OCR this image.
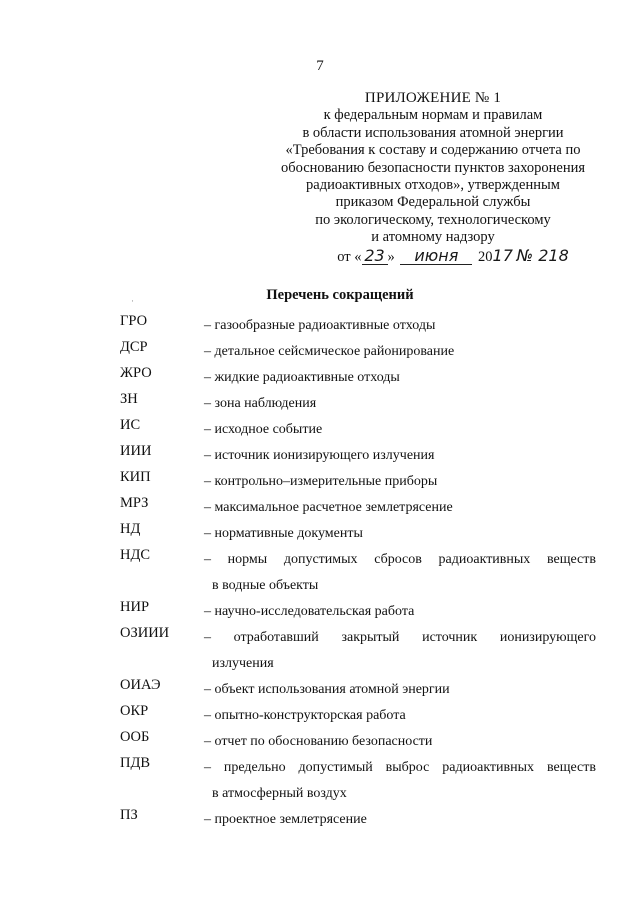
7
ПРИЛОЖЕНИЕ № 1
к федеральным нормам и правилам
в области использования атомной энергии
«Требования к составу и содержанию отчета по
обоснованию безопасности пунктов захоронения
радиоактивных отходов», утвержденным
приказом Федеральной службы
по экологическому, технологическому
и атомному надзору
от « 23 » июня 2017 № 218
·	Перечень сокращений
ГРО	– газообразные радиоактивные отходы
ДСР	– детальное сейсмическое районирование
ЖРО	– жидкие радиоактивные отходы
ЗН	– зона наблюдения
ИС	– исходное событие
ИИИ	– источник ионизирующего излучения
КИП	– контрольно–измерительные приборы
МРЗ	– максимальное расчетное землетрясение
НД	– нормативные документы
НДС	– нормы допустимых сбросов радиоактивных веществ
в водные объекты
НИР	– научно-исследовательская работа
ОЗИИИ – отработавший закрытый источник ионизирующего
излучения
ОИАЭ	– объект использования атомной энергии
ОКР	– опытно-конструкторская работа
ООБ	– отчет по обоснованию безопасности
ПДВ	– предельно допустимый выброс радиоактивных веществ
в атмосферный воздух
ПЗ	– проектное землетрясение
